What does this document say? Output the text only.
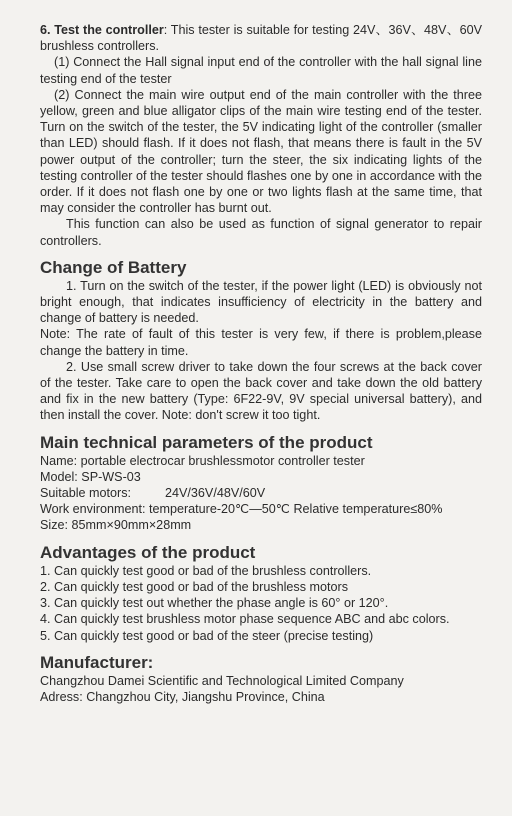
6. Test the controller: This tester is suitable for testing 24V、36V、48V、60V brushless controllers.

(1) Connect the Hall signal input end of the controller with the hall signal line testing end of the tester

(2) Connect the main wire output end of the main controller with the three yellow, green and blue alligator clips of the main wire testing end of the tester. Turn on the switch of the tester, the 5V indicating light of the controller (smaller than LED) should flash. If it does not flash, that means there is fault in the 5V power output of the controller; turn the steer, the six indicating lights of the testing controller of the tester should flashes one by one in accordance with the order. If it does not flash one by one or two lights flash at the same time, that may consider the controller has burnt out.

This function can also be used as function of signal generator to repair controllers.

Change of Battery

1. Turn on the switch of the tester, if the power light (LED) is obviously not bright enough, that indicates insufficiency of electricity in the battery and change of battery is needed.

Note: The rate of fault of this tester is very few, if there is problem,please change the battery in time.

2. Use small screw driver to take down the four screws at the back cover of the tester. Take care to open the back cover and take down the old battery and fix in the new battery (Type: 6F22-9V, 9V special universal battery), and then install the cover. Note: don't screw it too tight.

Main technical parameters of the product

Name: portable electrocar brushlessmotor controller tester

Model: SP-WS-03

Suitable motors:	24V/36V/48V/60V

Work environment: temperature-20℃—50℃ Relative temperature≤80%

Size: 85mm×90mm×28mm

Advantages of the product

1. Can quickly test good or bad of the brushless controllers.

2. Can quickly test good or bad of the brushless motors

3. Can quickly test out whether the phase angle is 60° or 120°.

4. Can quickly test brushless motor phase sequence ABC and abc colors.

5. Can quickly test good or bad of the steer (precise testing)

Manufacturer:

Changzhou Damei Scientific and Technological Limited Company

Adress: Changzhou City, Jiangshu Province, China
